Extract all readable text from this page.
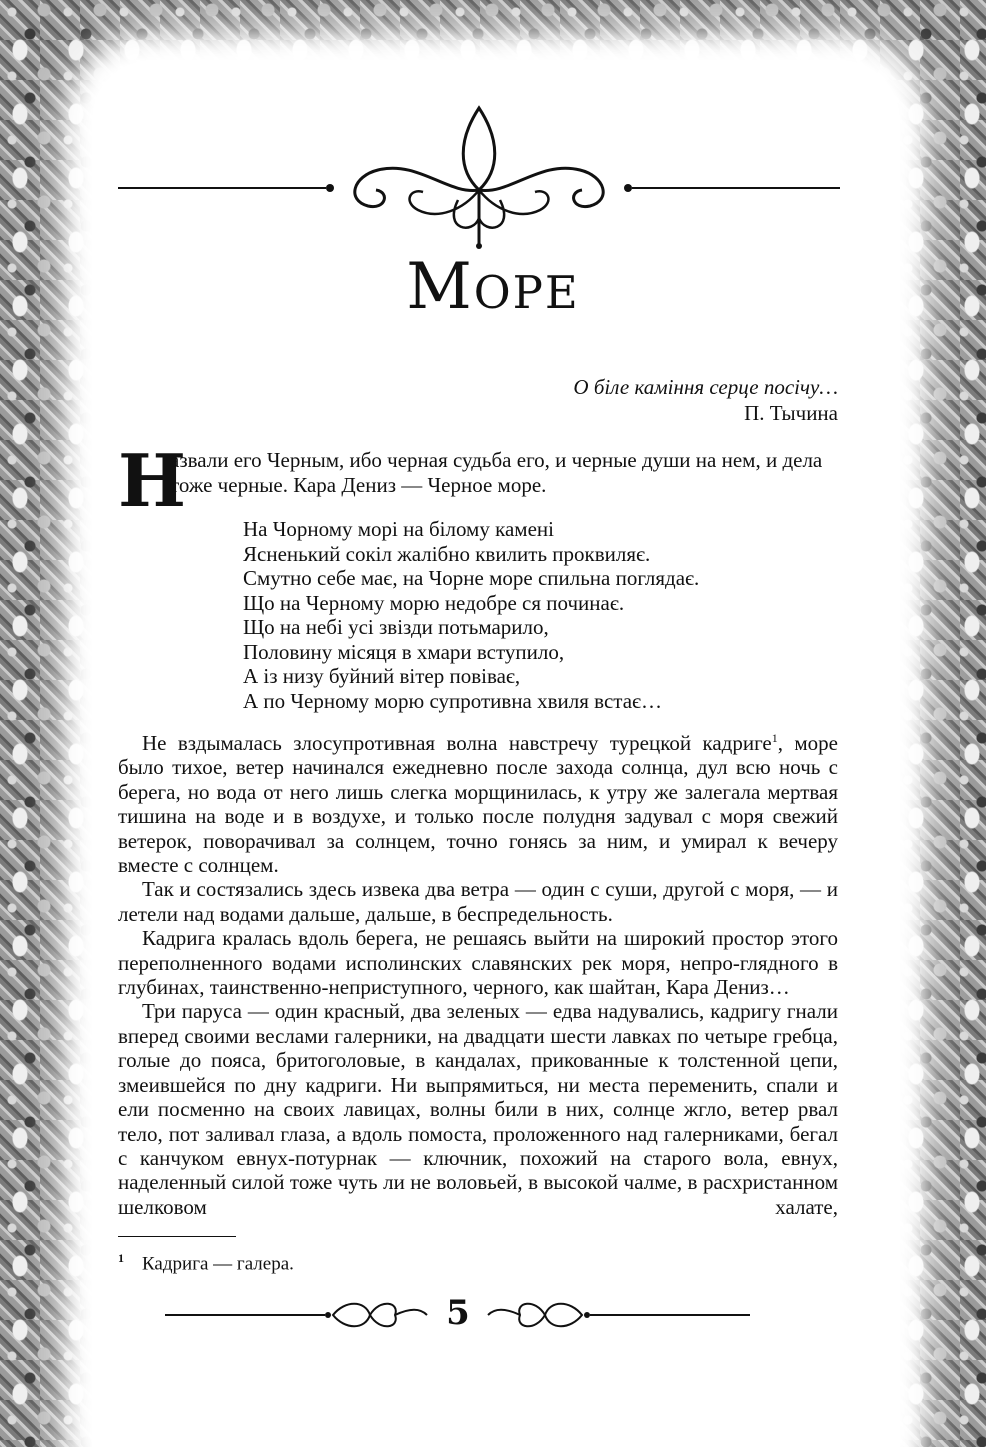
Море
О біле каміння серце посічу…
П. Тычина
Н

азвали его Черным, ибо черная судьба его, и черные души на нем, и дела тоже черные. Кара Дениз — Черное море.

На Чорному морі на білому камені
Ясненький сокіл жалібно квилить проквиляє.
Смутно себе має, на Чорне море спильна поглядає.
Що на Черному морю недобре ся починає.
Що на небі усі звізди потьмарило,
Половину місяця в хмари вступило,
А із низу буйний вітер повіває,
А по Черному морю супротивна хвиля встає…

Не вздымалась злосупротивная волна навстречу турецкой кадриге$^1$, море было тихое, ветер начинался ежедневно после захода солнца, дул всю ночь с берега, но вода от него лишь слегка морщинилась, к утру же залегала мертвая тишина на воде и в воздухе, и только после полудня задувал с моря свежий ветерок, поворачивал за солнцем, точно гонясь за ним, и умирал к вечеру вместе с солнцем.

Так и состязались здесь извека два ветра — один с суши, другой с моря, — и летели над водами дальше, дальше, в беспредельность.

Кадрига кралась вдоль берега, не решаясь выйти на широкий простор этого переполненного водами исполинских славянских рек моря, непро-глядного в глубинах, таинственно-неприступного, черного, как шайтан, Кара Дениз…

Три паруса — один красный, два зеленых — едва надувались, кадригу гнали вперед своими веслами галерники, на двадцати шести лавках по четыре гребца, голые до пояса, бритоголовые, в кандалах, прикованные к толстенной цепи, змеившейся по дну кадриги. Ни выпрямиться, ни места переменить, спали и ели посменно на своих лавицах, волны били в них, солнце жгло, ветер рвал тело, пот заливал глаза, а вдоль помоста, проложенного над галерниками, бегал с канчуком евнух-потурнак — ключник, похожий на старого вола, евнух, наделенный силой тоже чуть ли не воловьей, в высокой чалме, в расхристанном шелковом халате,

$^1$ Кадрига — галера.
5
